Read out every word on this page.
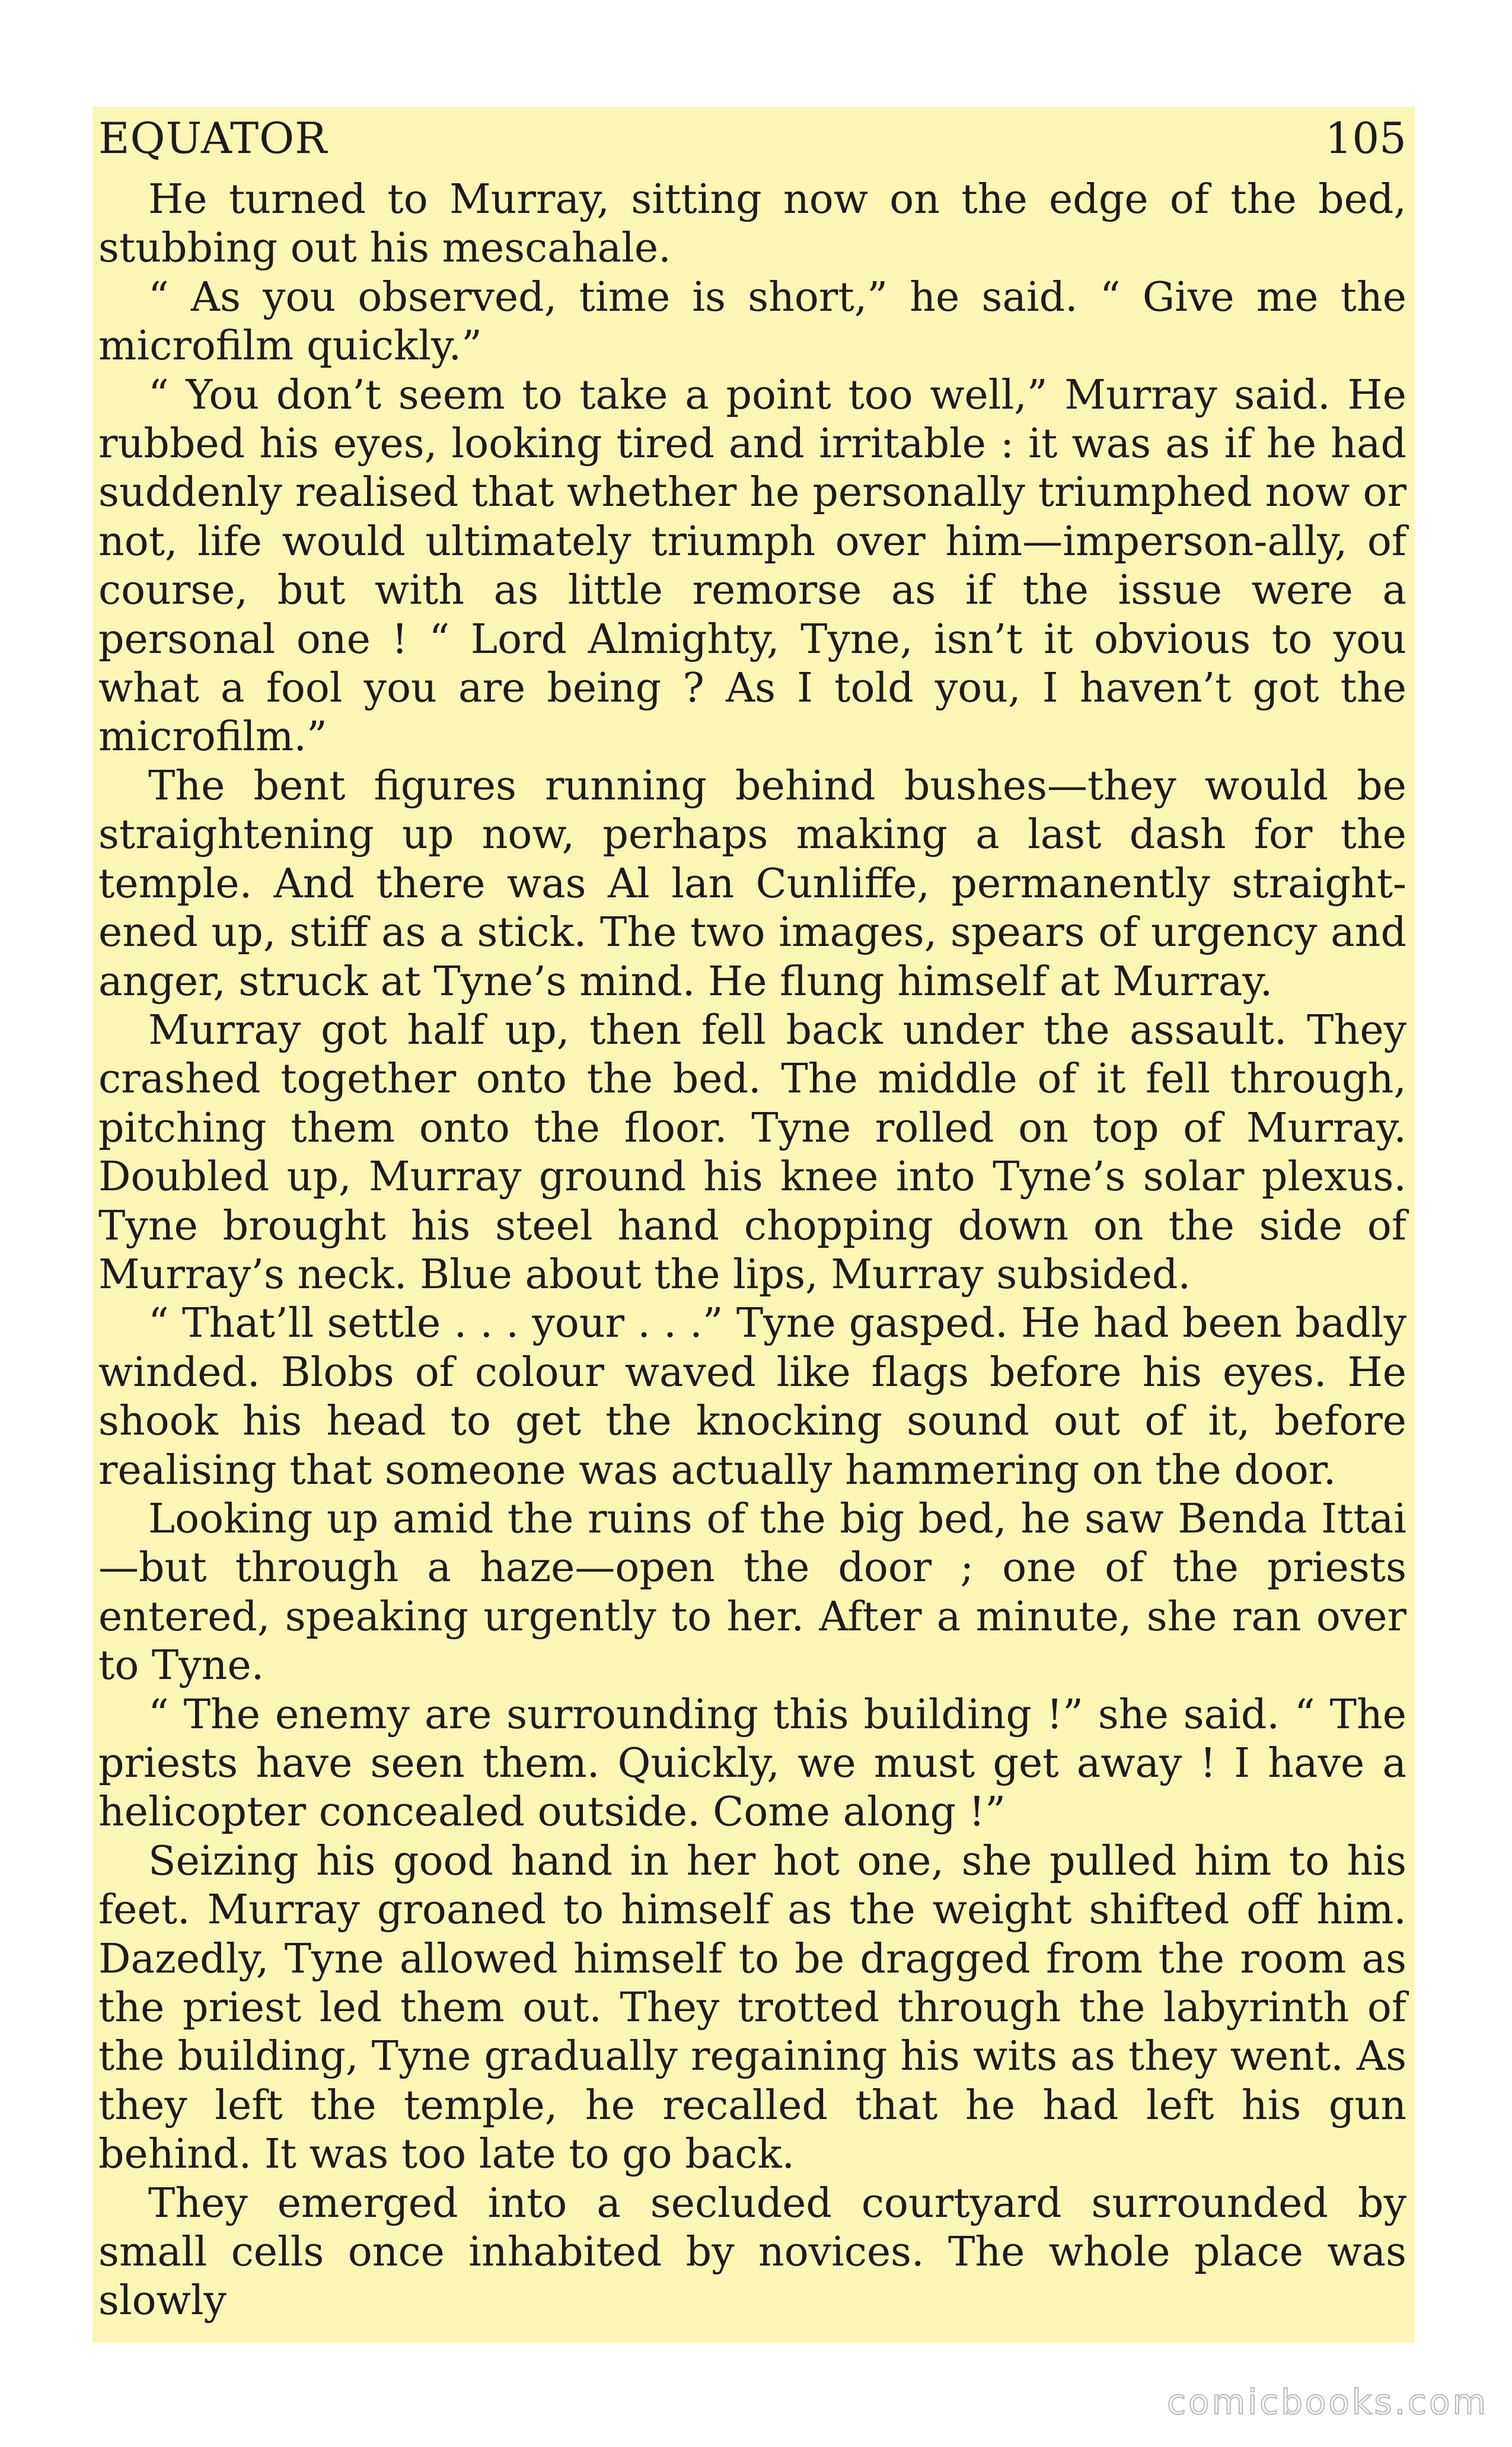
EQUATOR	105

He turned to Murray, sitting now on the edge of the bed, stubbing out his mescahale.

“ As you observed, time is short,” he said. “ Give me the microfilm quickly.”

“ You don’t seem to take a point too well,” Murray said. He rubbed his eyes, looking tired and irritable : it was as if he had suddenly realised that whether he personally triumphed now or not, life would ultimately triumph over him—imperson-ally, of course, but with as little remorse as if the issue were a personal one ! “ Lord Almighty, Tyne, isn’t it obvious to you what a fool you are being ? As I told you, I haven’t got the microfilm.”

The bent figures running behind bushes—they would be straightening up now, perhaps making a last dash for the temple. And there was Al lan Cunliffe, permanently straight-ened up, stiff as a stick. The two images, spears of urgency and anger, struck at Tyne’s mind. He flung himself at Murray.

Murray got half up, then fell back under the assault. They crashed together onto the bed. The middle of it fell through, pitching them onto the floor. Tyne rolled on top of Murray. Doubled up, Murray ground his knee into Tyne’s solar plexus. Tyne brought his steel hand chopping down on the side of Murray’s neck. Blue about the lips, Murray subsided.

“ That’ll settle . . . your . . .” Tyne gasped. He had been badly winded. Blobs of colour waved like flags before his eyes. He shook his head to get the knocking sound out of it, before realising that someone was actually hammering on the door.

Looking up amid the ruins of the big bed, he saw Benda Ittai —but through a haze—open the door ; one of the priests entered, speaking urgently to her. After a minute, she ran over to Tyne.

“ The enemy are surrounding this building !” she said. “ The priests have seen them. Quickly, we must get away ! I have a helicopter concealed outside. Come along !”

Seizing his good hand in her hot one, she pulled him to his feet. Murray groaned to himself as the weight shifted off him. Dazedly, Tyne allowed himself to be dragged from the room as the priest led them out. They trotted through the labyrinth of the building, Tyne gradually regaining his wits as they went. As they left the temple, he recalled that he had left his gun behind. It was too late to go back.

They emerged into a secluded courtyard surrounded by small cells once inhabited by novices. The whole place was slowly

comicbooks.com
